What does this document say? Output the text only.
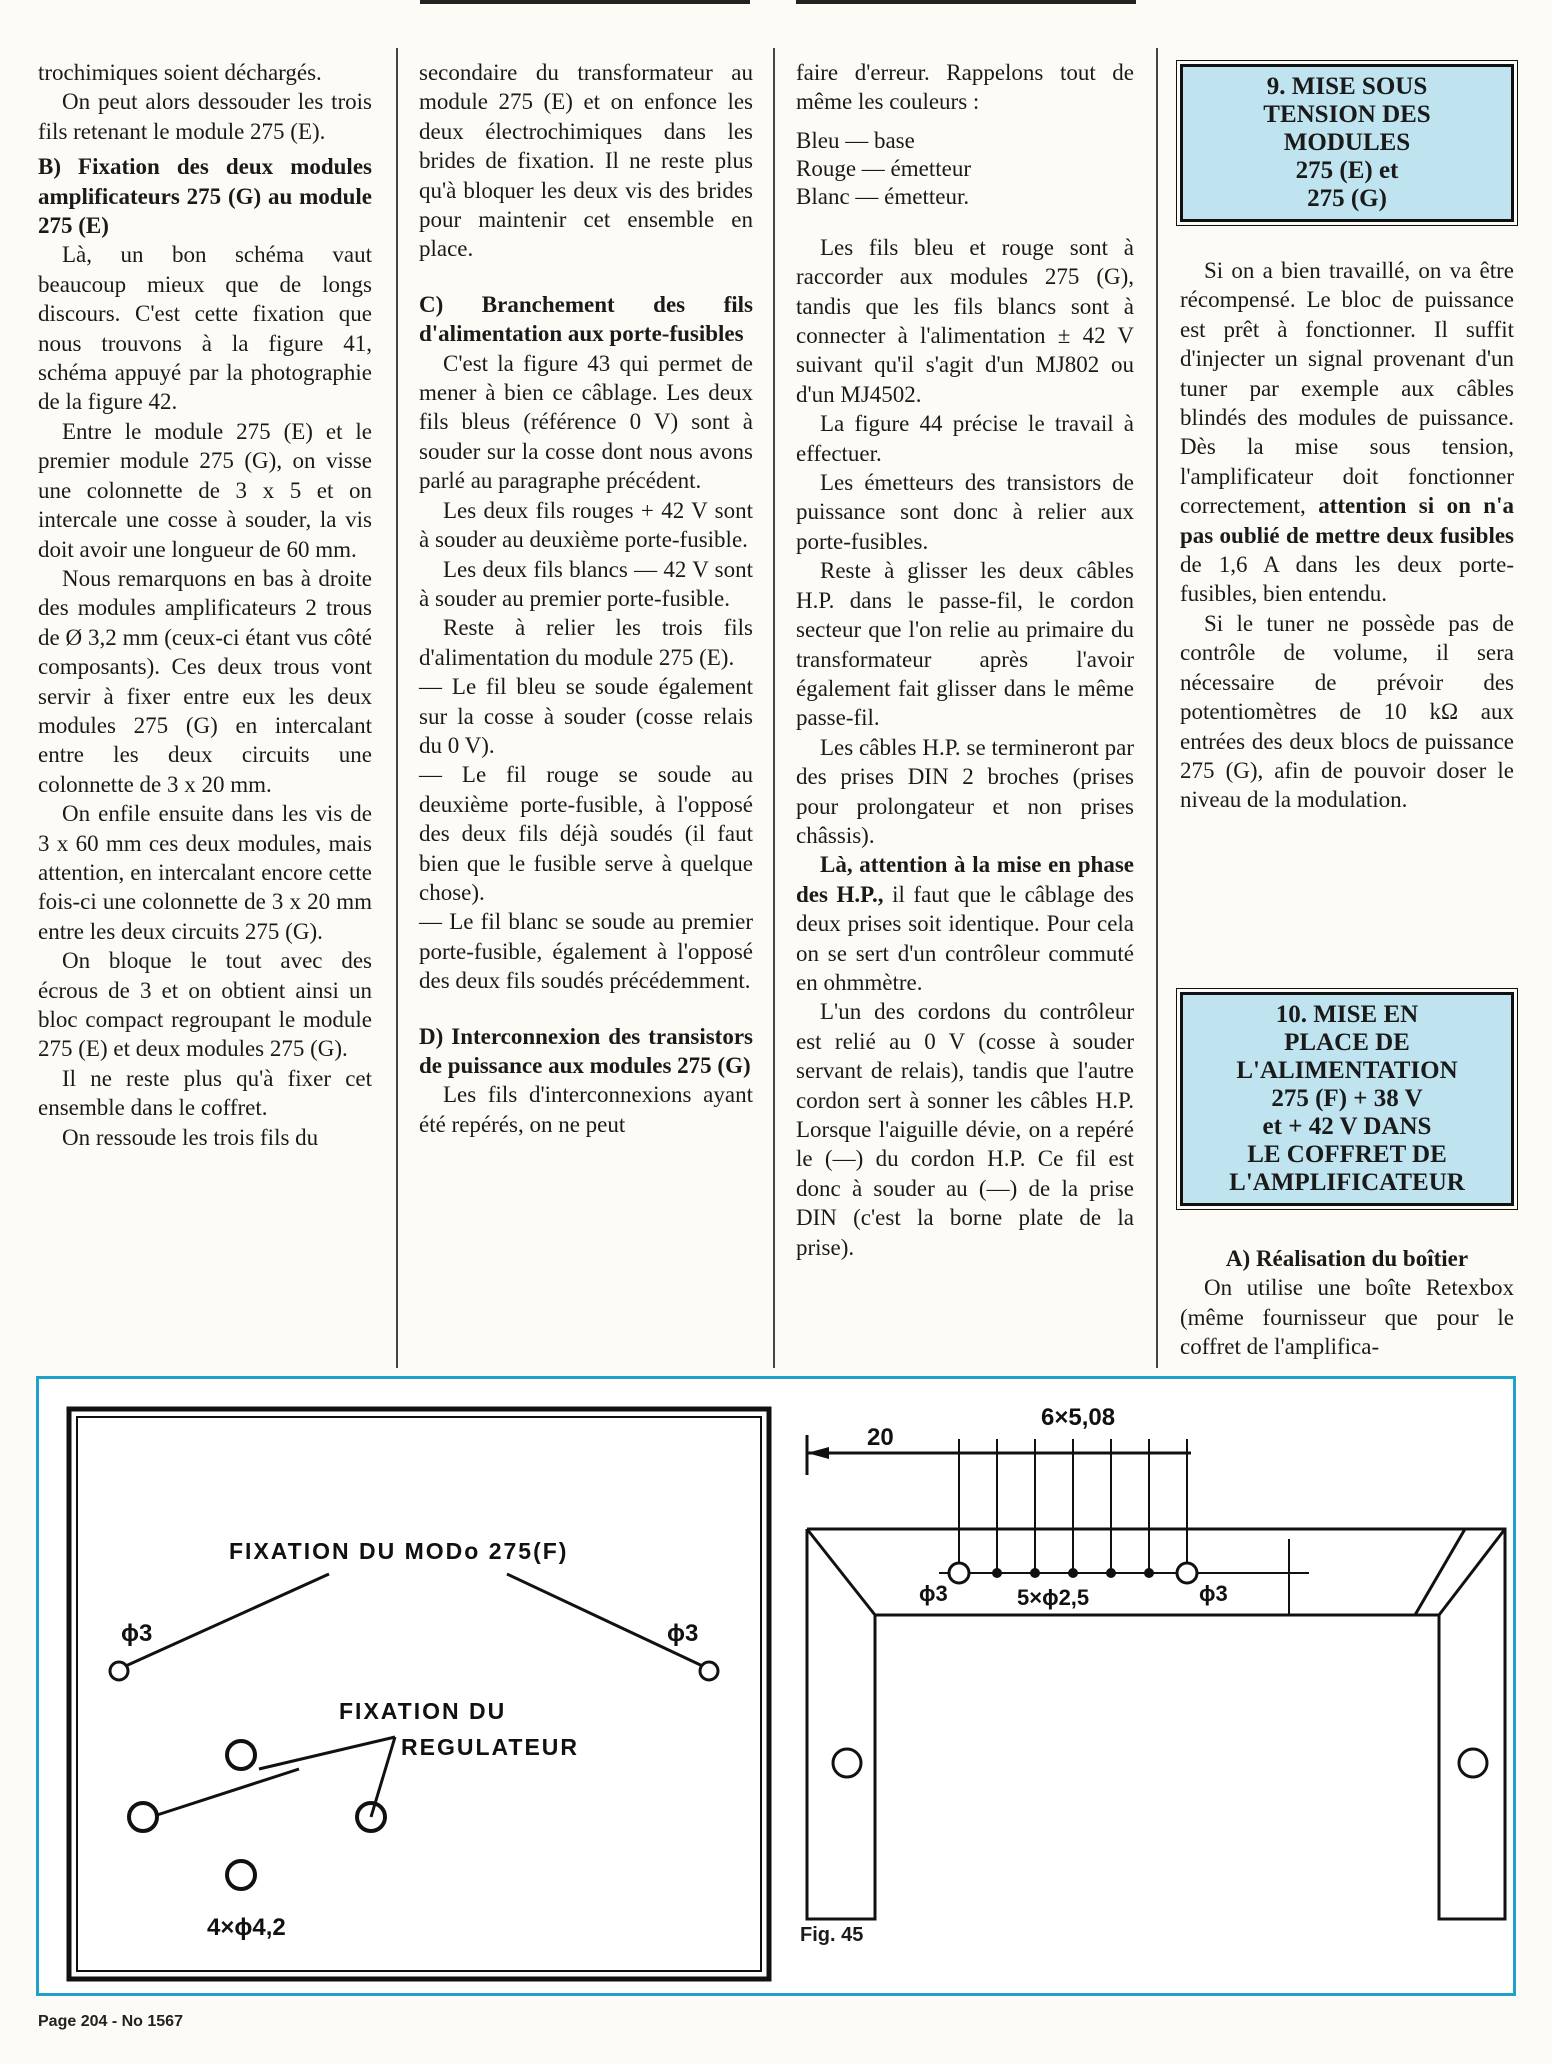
trochimiques soient déchargés.

On peut alors dessouder les trois fils retenant le module 275 (E).

B) Fixation des deux modules amplificateurs 275 (G) au module 275 (E)

Là, un bon schéma vaut beaucoup mieux que de longs discours. C'est cette fixation que nous trouvons à la figure 41, schéma appuyé par la photographie de la figure 42.

Entre le module 275 (E) et le premier module 275 (G), on visse une colonnette de 3 x 5 et on intercale une cosse à souder, la vis doit avoir une longueur de 60 mm.

Nous remarquons en bas à droite des modules amplificateurs 2 trous de Ø 3,2 mm (ceux-ci étant vus côté composants). Ces deux trous vont servir à fixer entre eux les deux modules 275 (G) en intercalant entre les deux circuits une colonnette de 3 x 20 mm.

On enfile ensuite dans les vis de 3 x 60 mm ces deux modules, mais attention, en intercalant encore cette fois-ci une colonnette de 3 x 20 mm entre les deux circuits 275 (G).

On bloque le tout avec des écrous de 3 et on obtient ainsi un bloc compact regroupant le module 275 (E) et deux modules 275 (G).

Il ne reste plus qu'à fixer cet ensemble dans le coffret.

On ressoude les trois fils du

secondaire du transformateur au module 275 (E) et on enfonce les deux électrochimiques dans les brides de fixation. Il ne reste plus qu'à bloquer les deux vis des brides pour maintenir cet ensemble en place.

C) Branchement des fils d'alimentation aux porte-fusibles

C'est la figure 43 qui permet de mener à bien ce câblage. Les deux fils bleus (référence 0 V) sont à souder sur la cosse dont nous avons parlé au paragraphe précédent.

Les deux fils rouges + 42 V sont à souder au deuxième porte-fusible.

Les deux fils blancs — 42 V sont à souder au premier porte-fusible.

Reste à relier les trois fils d'alimentation du module 275 (E).

— Le fil bleu se soude également sur la cosse à souder (cosse relais du 0 V).

— Le fil rouge se soude au deuxième porte-fusible, à l'opposé des deux fils déjà soudés (il faut bien que le fusible serve à quelque chose).

— Le fil blanc se soude au premier porte-fusible, également à l'opposé des deux fils soudés précédemment.

D) Interconnexion des transistors de puissance aux modules 275 (G)

Les fils d'interconnexions ayant été repérés, on ne peut

faire d'erreur. Rappelons tout de même les couleurs :

Bleu — base
Rouge — émetteur
Blanc — émetteur.

Les fils bleu et rouge sont à raccorder aux modules 275 (G), tandis que les fils blancs sont à connecter à l'alimentation ± 42 V suivant qu'il s'agit d'un MJ802 ou d'un MJ4502.

La figure 44 précise le travail à effectuer.

Les émetteurs des transistors de puissance sont donc à relier aux porte-fusibles.

Reste à glisser les deux câbles H.P. dans le passe-fil, le cordon secteur que l'on relie au primaire du transformateur après l'avoir également fait glisser dans le même passe-fil.

Les câbles H.P. se termineront par des prises DIN 2 broches (prises pour prolongateur et non prises châssis).

Là, attention à la mise en phase des H.P., il faut que le câblage des deux prises soit identique. Pour cela on se sert d'un contrôleur commuté en ohmmètre.

L'un des cordons du contrôleur est relié au 0 V (cosse à souder servant de relais), tandis que l'autre cordon sert à sonner les câbles H.P. Lorsque l'aiguille dévie, on a repéré le (—) du cordon H.P. Ce fil est donc à souder au (—) de la prise DIN (c'est la borne plate de la prise).

9. MISE SOUS
TENSION DES
MODULES
275 (E) et
275 (G)

Si on a bien travaillé, on va être récompensé. Le bloc de puissance est prêt à fonctionner. Il suffit d'injecter un signal provenant d'un tuner par exemple aux câbles blindés des modules de puissance. Dès la mise sous tension, l'amplificateur doit fonctionner correctement, attention si on n'a pas oublié de mettre deux fusibles de 1,6 A dans les deux porte-fusibles, bien entendu.

Si le tuner ne possède pas de contrôle de volume, il sera nécessaire de prévoir des potentiomètres de 10 kΩ aux entrées des deux blocs de puissance 275 (G), afin de pouvoir doser le niveau de la modulation.

10. MISE EN
PLACE DE
L'ALIMENTATION
275 (F) + 38 V
et + 42 V DANS
LE COFFRET DE
L'AMPLIFICATEUR
A) Réalisation du boîtier

On utilise une boîte Retexbox (même fournisseur que pour le coffret de l'amplifica-

FIXATION DU MODo 275(F)
ϕ3	ϕ3
FIXATION DU
REGULATEUR
4×ϕ4,2
20
6×5,08
ϕ3	5×ϕ2,5	ϕ3
Fig. 45
Page 204 - No 1567
